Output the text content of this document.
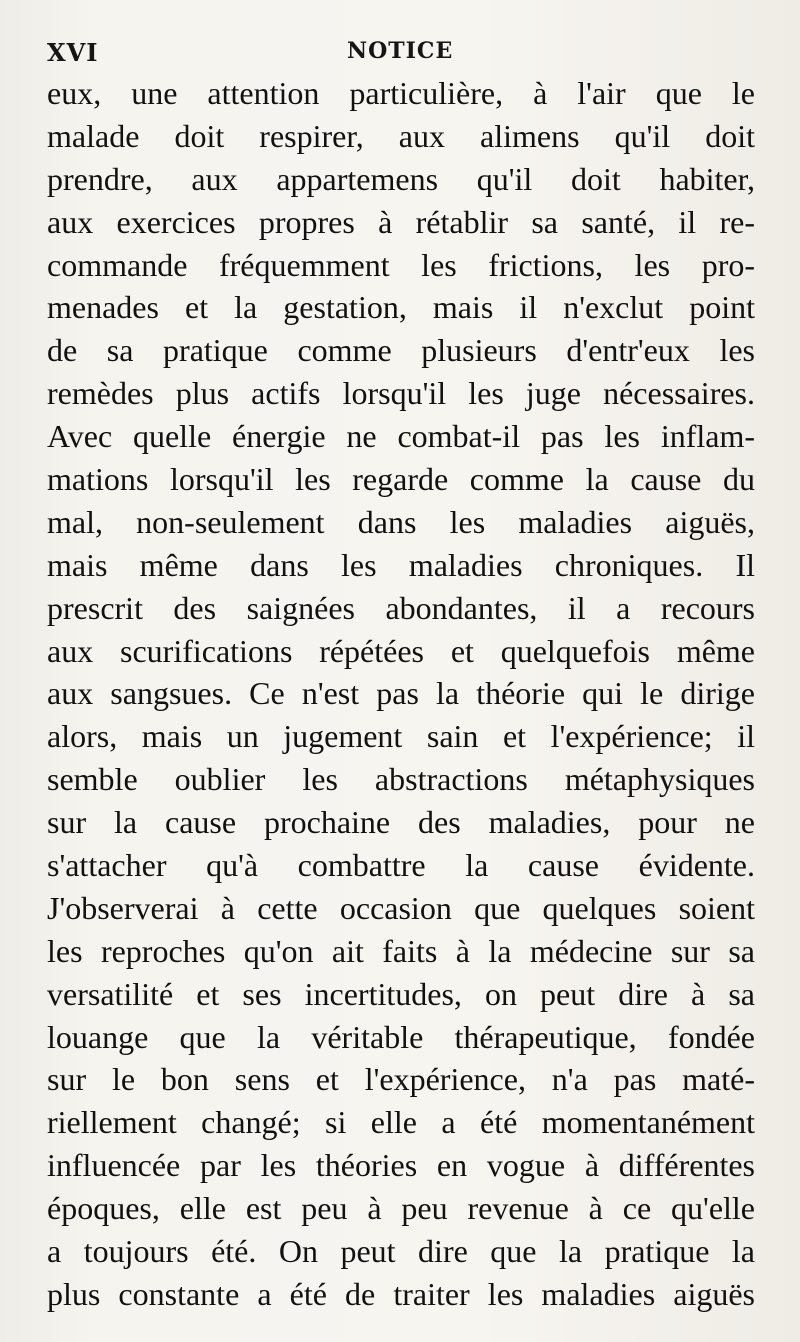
XVI	NOTICE
eux, une attention particulière, à l'air que le
malade doit respirer, aux alimens qu'il doit
prendre, aux appartemens qu'il doit habiter,
aux exercices propres à rétablir sa santé, il re-
commande fréquemment les frictions, les pro-
menades et la gestation, mais il n'exclut point
de sa pratique comme plusieurs d'entr'eux les
remèdes plus actifs lorsqu'il les juge nécessaires.
Avec quelle énergie ne combat-il pas les inflam-
mations lorsqu'il les regarde comme la cause du
mal, non-seulement dans les maladies aiguës,
mais même dans les maladies chroniques. Il
prescrit des saignées abondantes, il a recours
aux scurifications répétées et quelquefois même
aux sangsues. Ce n'est pas la théorie qui le dirige
alors, mais un jugement sain et l'expérience; il
semble oublier les abstractions métaphysiques
sur la cause prochaine des maladies, pour ne
s'attacher qu'à combattre la cause évidente.
J'observerai à cette occasion que quelques soient
les reproches qu'on ait faits à la médecine sur sa
versatilité et ses incertitudes, on peut dire à sa
louange que la véritable thérapeutique, fondée
sur le bon sens et l'expérience, n'a pas maté-
riellement changé; si elle a été momentanément
influencée par les théories en vogue à différentes
époques, elle est peu à peu revenue à ce qu'elle
a toujours été. On peut dire que la pratique la
plus constante a été de traiter les maladies aiguës
